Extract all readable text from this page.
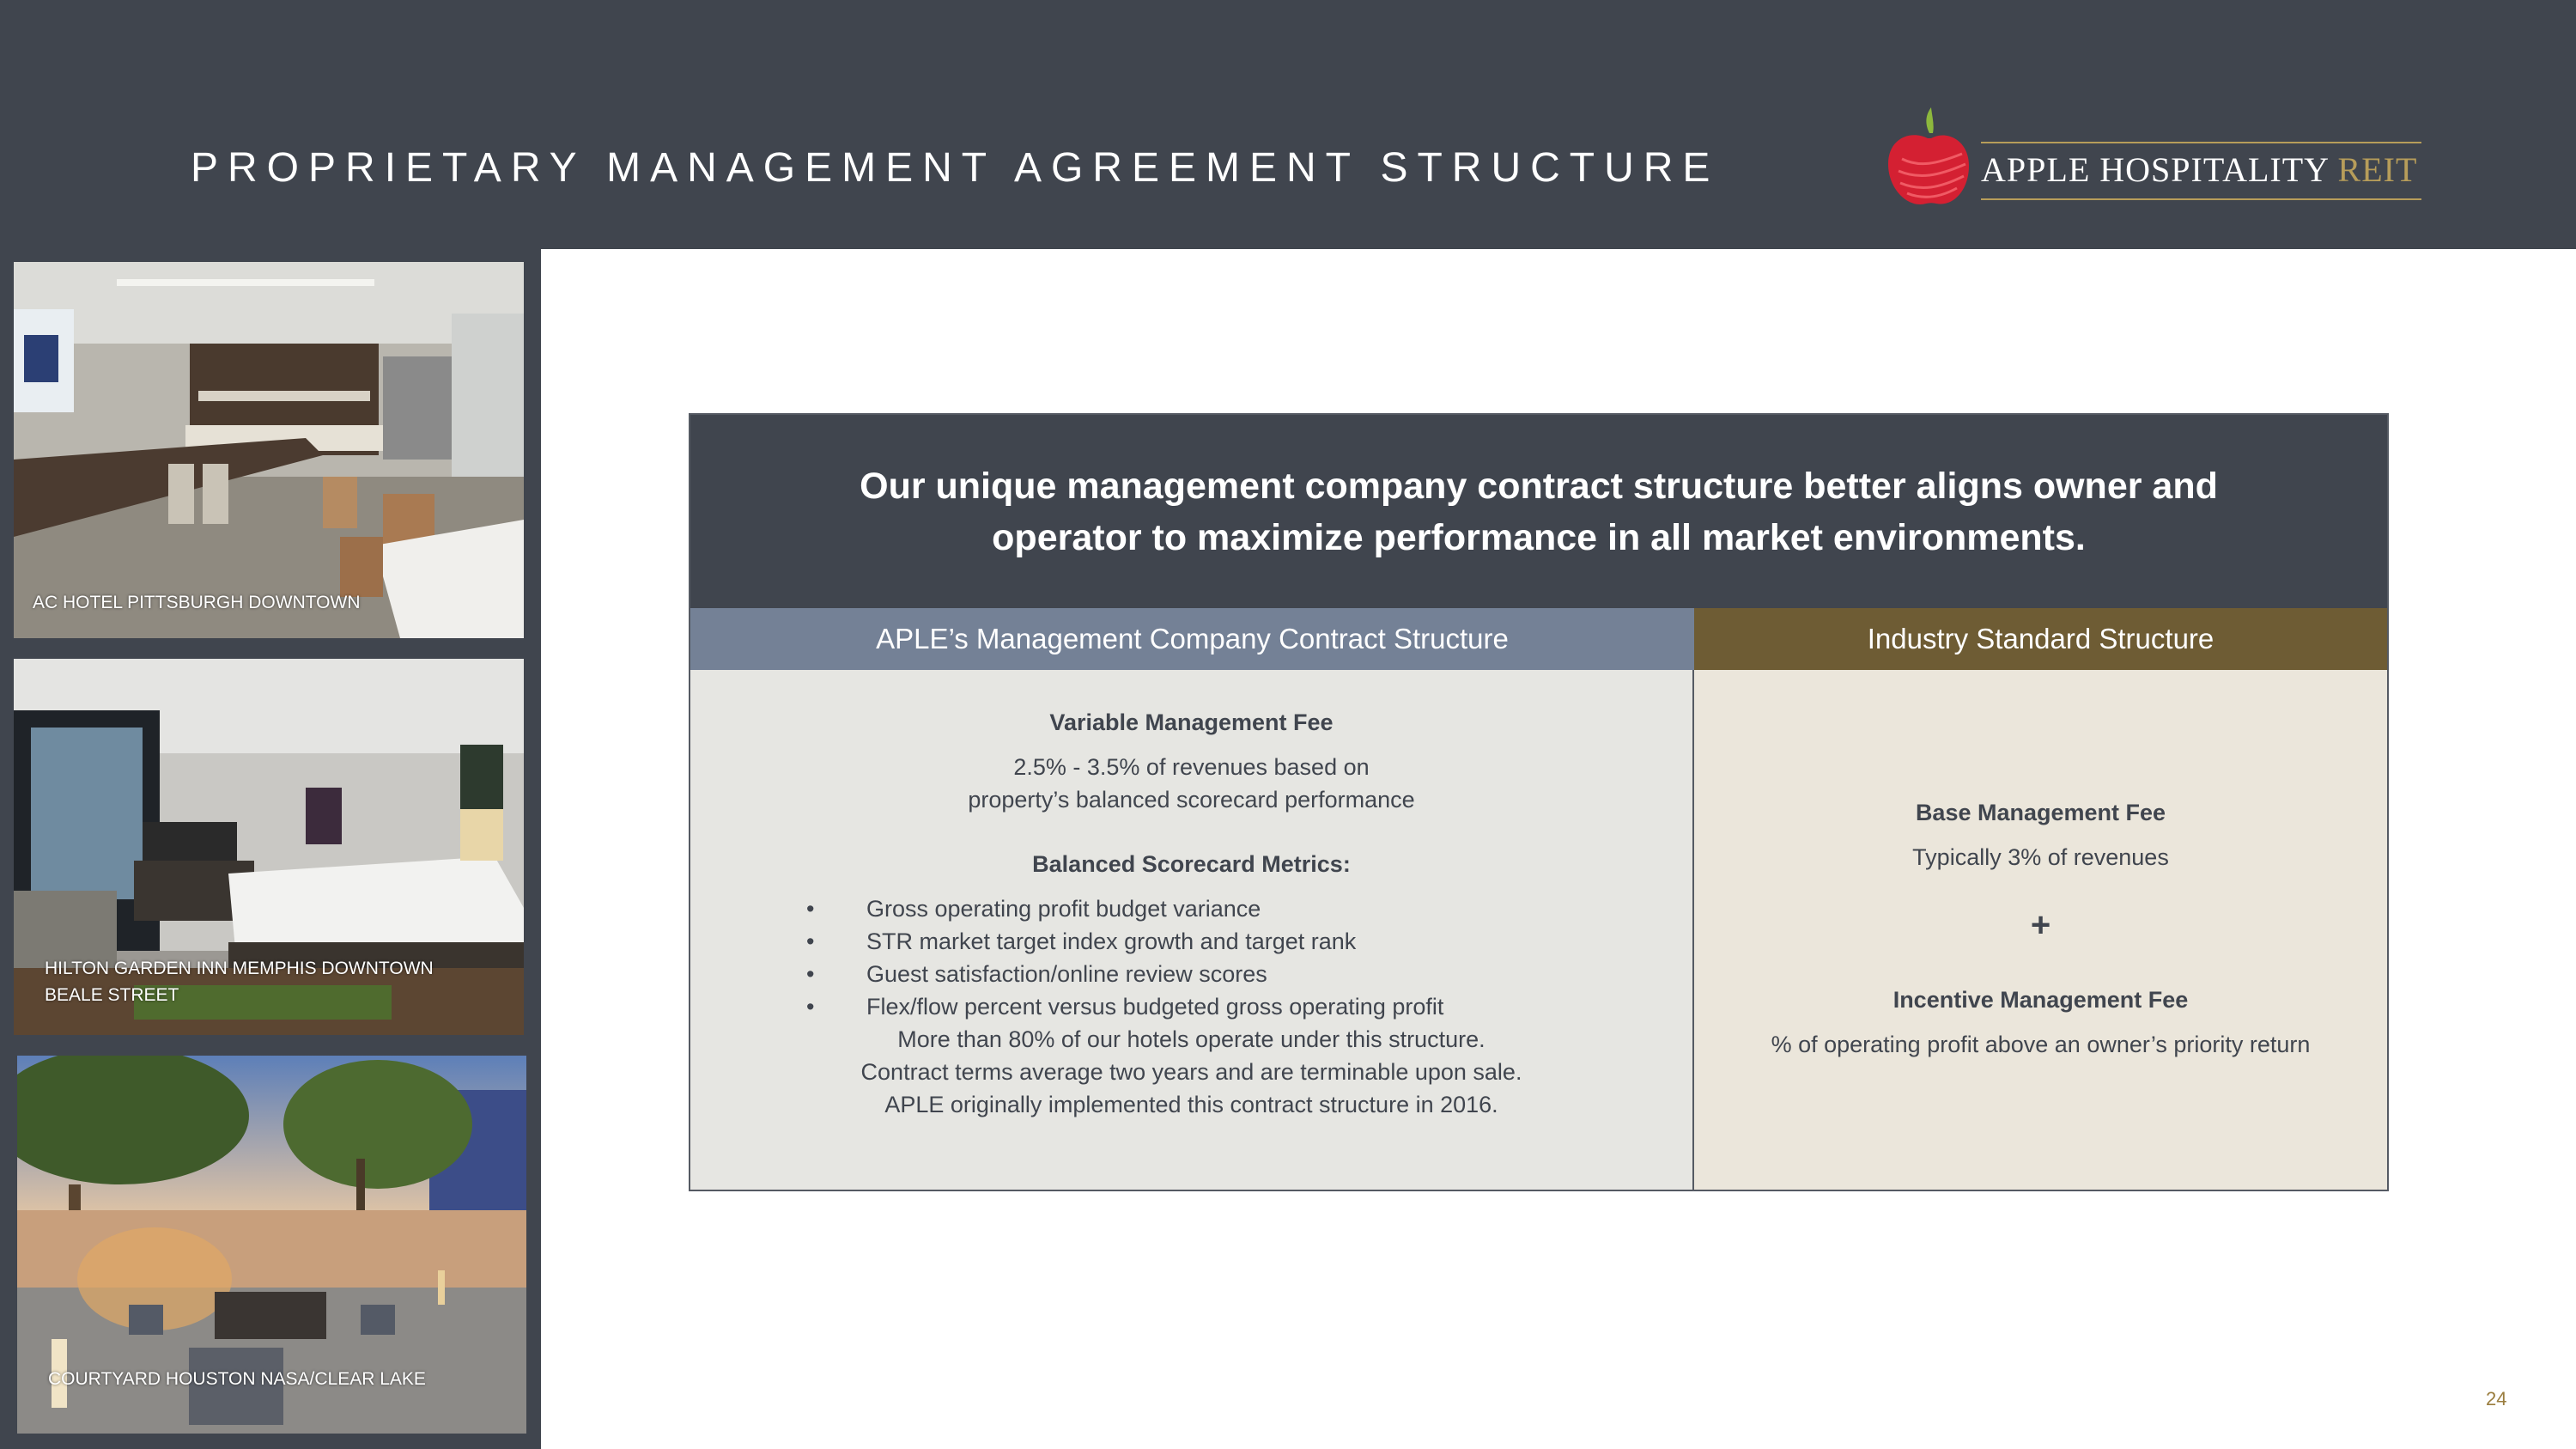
PROPRIETARY MANAGEMENT AGREEMENT STRUCTURE	APPLE HOSPITALITY REIT
AC HOTEL PITTSBURGH DOWNTOWN
HILTON GARDEN INN MEMPHIS DOWNTOWN
BEALE STREET
COURTYARD HOUSTON NASA/CLEAR LAKE
Our unique management company contract structure better aligns owner and
operator to maximize performance in all market environments.
APLE’s Management Company Contract Structure	Industry Standard Structure
Variable Management Fee
2.5% - 3.5% of revenues based on
property’s balanced scorecard performance
Balanced Scorecard Metrics:
• Gross operating profit budget variance
• STR market target index growth and target rank
• Guest satisfaction/online review scores
• Flex/flow percent versus budgeted gross operating profit
More than 80% of our hotels operate under this structure.
Contract terms average two years and are terminable upon sale.
APLE originally implemented this contract structure in 2016.
Base Management Fee
Typically 3% of revenues
+
Incentive Management Fee
% of operating profit above an owner’s priority return
24
